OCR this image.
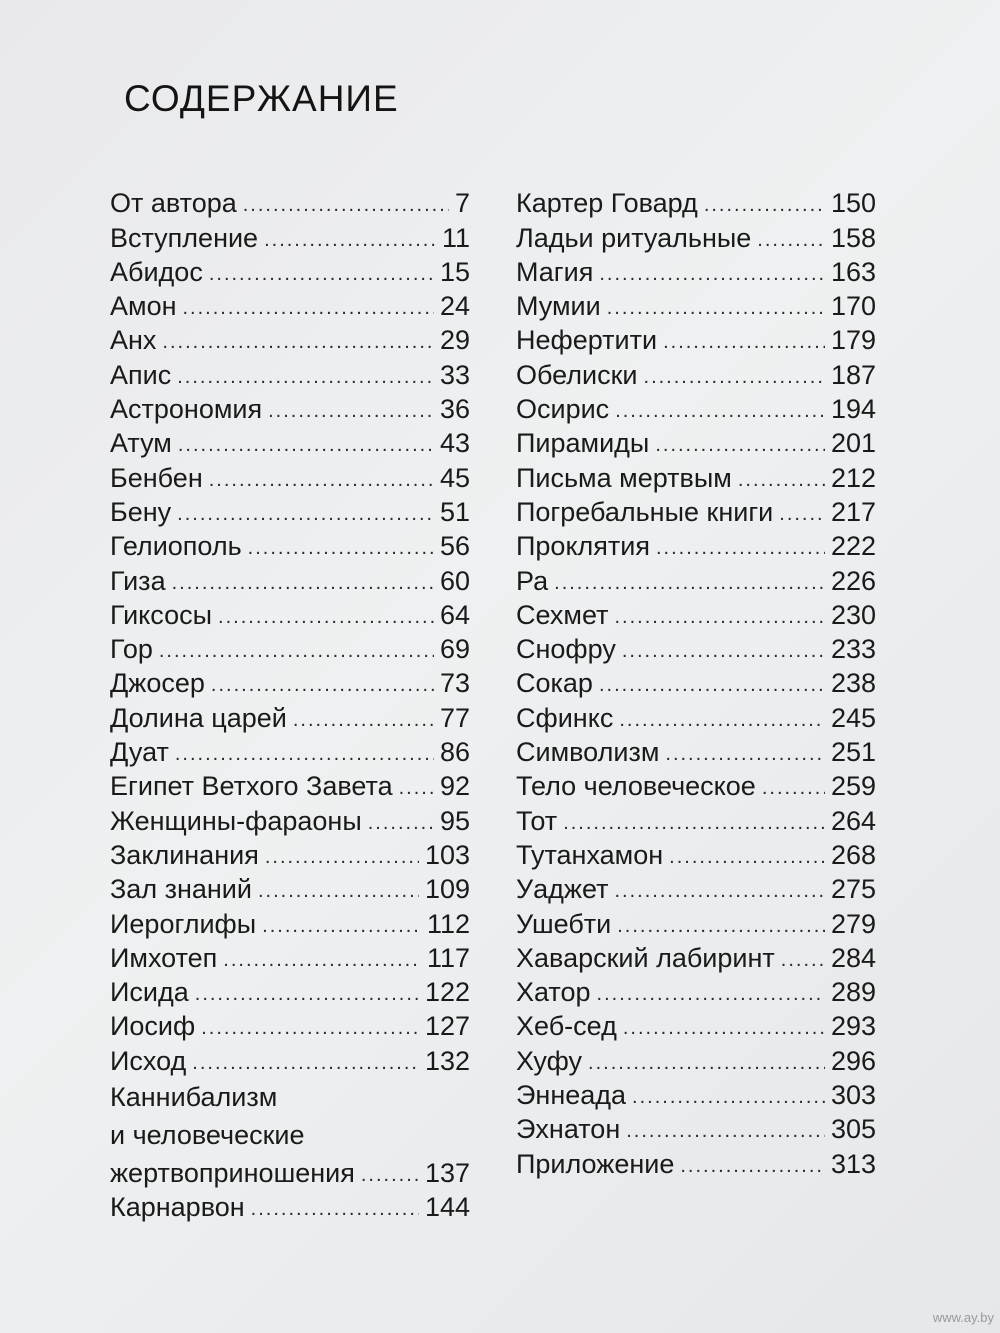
СОДЕРЖАНИЕ
От автора .....	7
Вступление .....	11
Абидос .....	15
Амон .....	24
Анх .....	29
Апис .....	33
Астрономия .....	36
Атум .....	43
Бенбен .....	45
Бену .....	51
Гелиополь .....	56
Гиза .....	60
Гиксосы .....	64
Гор .....	69
Джосер .....	73
Долина царей .....	77
Дуат .....	86
Египет Ветхого Завета ..... 92
Женщины-фараоны .....	95
Заклинания .....	103
Зал знаний .....	109
Иероглифы .....	112
Имхотеп .....	117
Исида .....	122
Иосиф .....	127
Исход .....	132
Каннибализм
и человеческие
жертвоприношения .....	137
Карнарвон .....	144
Картер Говард .....	150
Ладьи ритуальные .....	158
Магия .....	163
Мумии .....	170
Нефертити .....	179
Обелиски .....	187
Осирис .....	194
Пирамиды .....	201
Письма мертвым .....	212
Погребальные книги ..... 217
Проклятия .....	222
Ра .....	226
Сехмет .....	230
Снофру .....	233
Сокар .....	238
Сфинкс .....	245
Символизм .....	251
Тело человеческое .....	259
Тот .....	264
Тутанхамон .....	268
Уаджет .....	275
Ушебти .....	279
Хаварский лабиринт ..... 284
Хатор .....	289
Хеб-сед .....	293
Хуфу .....	296
Эннеада .....	303
Эхнатон .....	305
Приложение .....	313
www.ay.by
